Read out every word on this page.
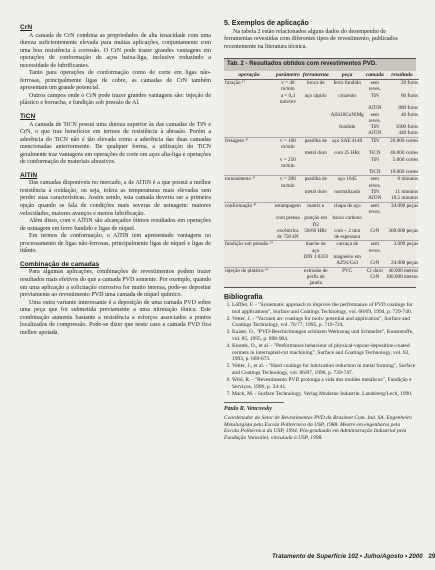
CrN

A camada de CrN combina as propriedades de alta tenacidade com uma dureza suficientemente elevada para muitas aplicações, conjuntamente com uma boa resistência à corrosão. O CrN pode trazer grandes vantagens em operações de conformação de aços baixa-liga, inclusive reduzindo a necessidade de lubrificantes.

Tanto para operações de conformação como de corte em ligas não-ferrosas, principalmente ligas de cobre, as camadas de CrN também apresentam um grande potencial.

Outros campos onde o CrN pode trazer grandes vantagens são: injeção de plástico e borracha, e fundição sob pressão de Al.

TiCN

A camada de TiCN possui uma dureza superior às das camadas de TiN e CrN, o que traz benefícios em termos de resistência à abrasão. Porém a aderência do TiCN não é tão elevada como a aderência das duas camadas mencionadas anteriormente. De qualquer forma, a utilização do TiCN geralmente traz vantagens em operações de corte em aços alta-liga e operações de conformação de materiais abrasivos.

AlTiN

Das camadas disponíveis no mercado, a de AlTiN é a que possui a melhor resistência à oxidação, ou seja, tolera as temperaturas mais elevadas sem perder suas características. Assim sendo, esta camada deveria ser a primeira opção quando se fala de condições mais severas de usinagem: maiores velocidades, maiores avanços e menos lubrificação.

Além disso, com o AlTiN são alcançados ótimos resultados em operações de usinagem em ferro fundido e ligas de níquel.

Em termos de conformação, o AlTiN tem apresentado vantagens no processamento de ligas não-ferrosas, principalmente ligas de níquel e ligas de titânio.

Combinação de camadas

Para algumas aplicações, combinações de revestimentos podem trazer resultados mais efetivos do que a camada PVD somente. Por exemplo, quando em uma aplicação a solicitação corrosiva for muito intensa, pode-se depositar previamente ao revestimento PVD uma camada de níquel químico.

Uma outra variante interessante é a deposição de uma camada PVD sobre uma peça que foi submetida previamente a uma nitretação iônica. Este combinação aumenta bastante a resistência a esforços associados a pontos localizados de compressão. Pode-se dizer que neste caso a camada PVD fica melhor apoiada.

5. Exemplos de aplicação

Na tabela 2 estão relacionados alguns dados do desempenho de ferramentas revestidas com diferentes tipos de revestimento, publicados recentemente na literatura técnica.

Tab. 2 - Resultados obtidos com revestimentos PVD.
operação	parâmetro	ferramenta	peça	camada	resultado
furação ¹⁾	v = 40 m/min	broca de	ferro fundido	sem reves.	20 furos
	a = 0,4 mm/rev	aço rápido	cinzento	TiN	80 furos
				AlTiN	880 furos
			AlSi18CuNiMg	sem reves.	40 furos
			fundido	TiN	1600 furos
				AlTiN	440 furos
fresagem ²⁾	v = 100 m/min	pastilha de	aço SAE 4140	TiN	20.000 cortes
		metal duro	com 25 HRc	TiCN	40.000 cortes
	v = 250 m/min			TiN	5.000 cortes
				TiCN	10.000 cortes
torneamento ³⁾	v = 200 m/min	pastilha de	aço 1045	sem reves.	6 minutos
		metal duro	normalizado	TiN	11 minutos
				AlTiN	18,5 minutos
conformação ⁴⁾	estampagem	matriz e	chapa de aço	sem reves.	34.000 peças
	com prensa	punção em D2	baixo carbono		
	excêntrica	58/60 HRc	com ~ 2 mm	CrN	300.000 peças
	de 750 kN		de espessura		
fundição sob pressão ⁵⁾		macho de aço	carcaça de	sem reves.	3.000 peças
		DIN 1.6359	magnésio em		
			AZ91/Ca3	CrN	24.000 peças
injeção de plástico ⁶⁾		extrusão de	PVC	Cr duro	40.000 metros
		perfis de janela		CrN	100.000 metros
Bibliografia
1. Löffler, F. - "Systematic approach to improve the performance of PVD coatings for tool applications", Surface and Coatings Technology, vol. 68/69, 1994, p. 729-740.
2. Vetter, J. - "Vacuum arc coatings for tools: potential and application", Surface and Coatings Technology, vol. 76/77, 1995, p. 719-724.
3. Kaiser, O., "PVD-Beschichtungen schützen Werkzeug und Schmelze", Kunststoffe, vol. 85, 1995, p. 898-904.
4. Knotek, O., et al. - "Performance behaviour of physical-vapour-deposition-coated cermets in interrupted-cut machining", Surface and Coatings Technology, vol. 62, 1993, p. 669-673.
5. Vetter, J., et al. - "Hard coatings for lubrication reduction in metal forming", Surface and Coatings Technology, vol. 86/87, 1996, p. 739-747.
6. Wild, R. - "Revestimento PVD prolonga a vida dos moldes metálicos", Fundição e Serviços, 1996, p. 34-41.
7. Mack, M. - Surface Technology, Verlag Moderne Industrie, Landsberg/Lech, 1990.
Paulo R. Vencovsky
Coordenador do Setor de Revestimentos PVD da Brasimet Com. Ind. SA. Engenheiro Metalurgista pela Escola Politécnica da USP, 1988. Mestre em engenharia pela Escola Politécnica da USP, 1994. Pós-graduado em Administração Industrial pela Fundação Vanzolini, vinculada à USP, 1998.
Tratamento de Superfície 102 • Julho/Agosto • 2000 29
